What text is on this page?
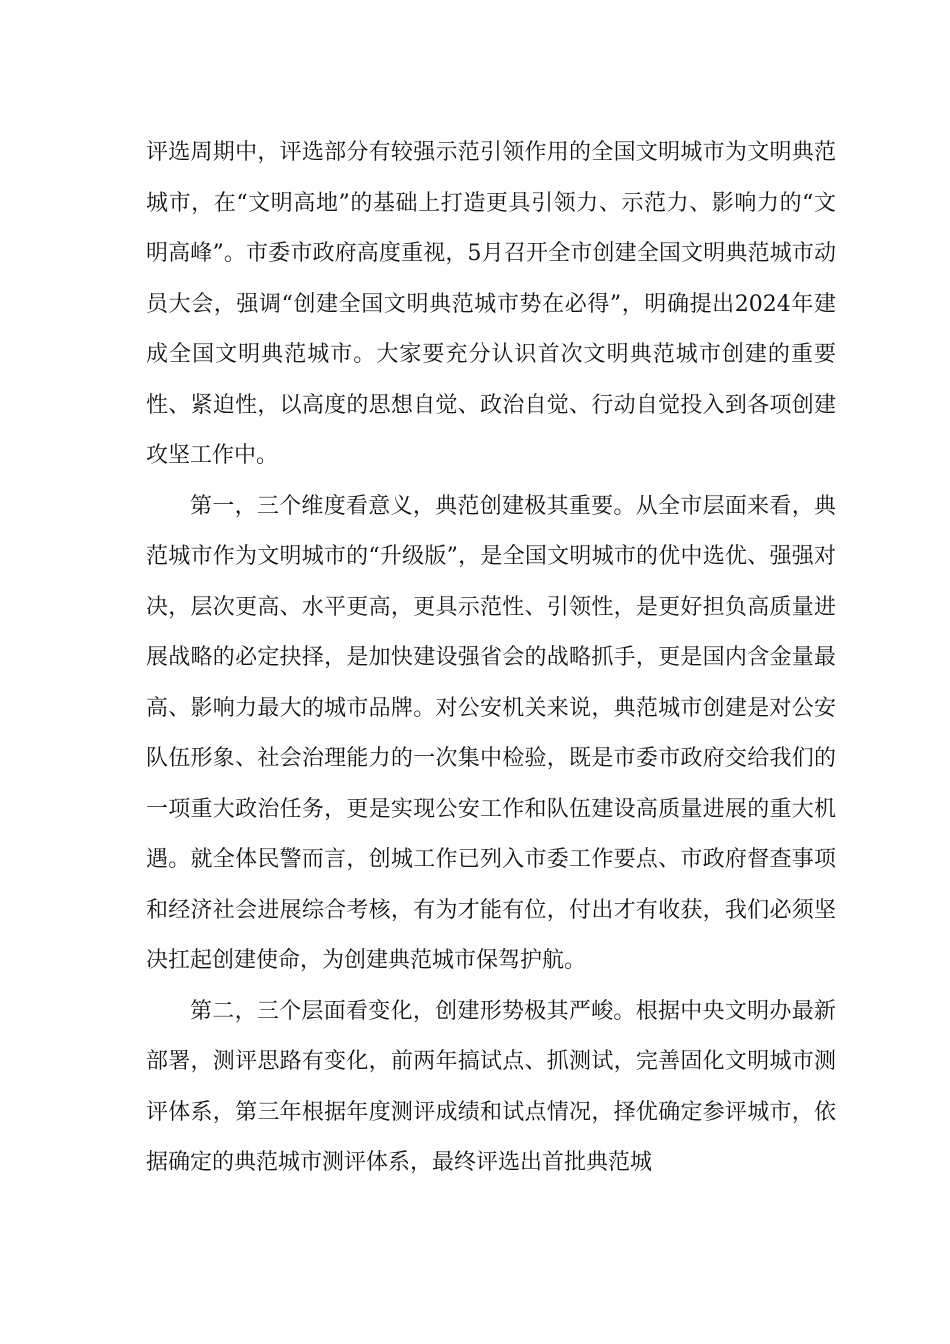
评选周期中，评选部分有较强示范引领作用的全国文明城市为文明典范城市，在“文明高地”的基础上打造更具引领力、示范力、影响力的“文明高峰”。市委市政府高度重视，5月召开全市创建全国文明典范城市动员大会，强调“创建全国文明典范城市势在必得”，明确提出2024年建成全国文明典范城市。大家要充分认识首次文明典范城市创建的重要性、紧迫性，以高度的思想自觉、政治自觉、行动自觉投入到各项创建攻坚工作中。

第一，三个维度看意义，典范创建极其重要。从全市层面来看，典范城市作为文明城市的“升级版”，是全国文明城市的优中选优、强强对决，层次更高、水平更高，更具示范性、引领性，是更好担负高质量进展战略的必定抉择，是加快建设强省会的战略抓手，更是国内含金量最高、影响力最大的城市品牌。对公安机关来说，典范城市创建是对公安队伍形象、社会治理能力的一次集中检验，既是市委市政府交给我们的一项重大政治任务，更是实现公安工作和队伍建设高质量进展的重大机遇。就全体民警而言，创城工作已列入市委工作要点、市政府督查事项和经济社会进展综合考核，有为才能有位，付出才有收获，我们必须坚决扛起创建使命，为创建典范城市保驾护航。

第二，三个层面看变化，创建形势极其严峻。根据中央文明办最新部署，测评思路有变化，前两年搞试点、抓测试，完善固化文明城市测评体系，第三年根据年度测评成绩和试点情况，择优确定参评城市，依据确定的典范城市测评体系，最终评选出首批典范城
